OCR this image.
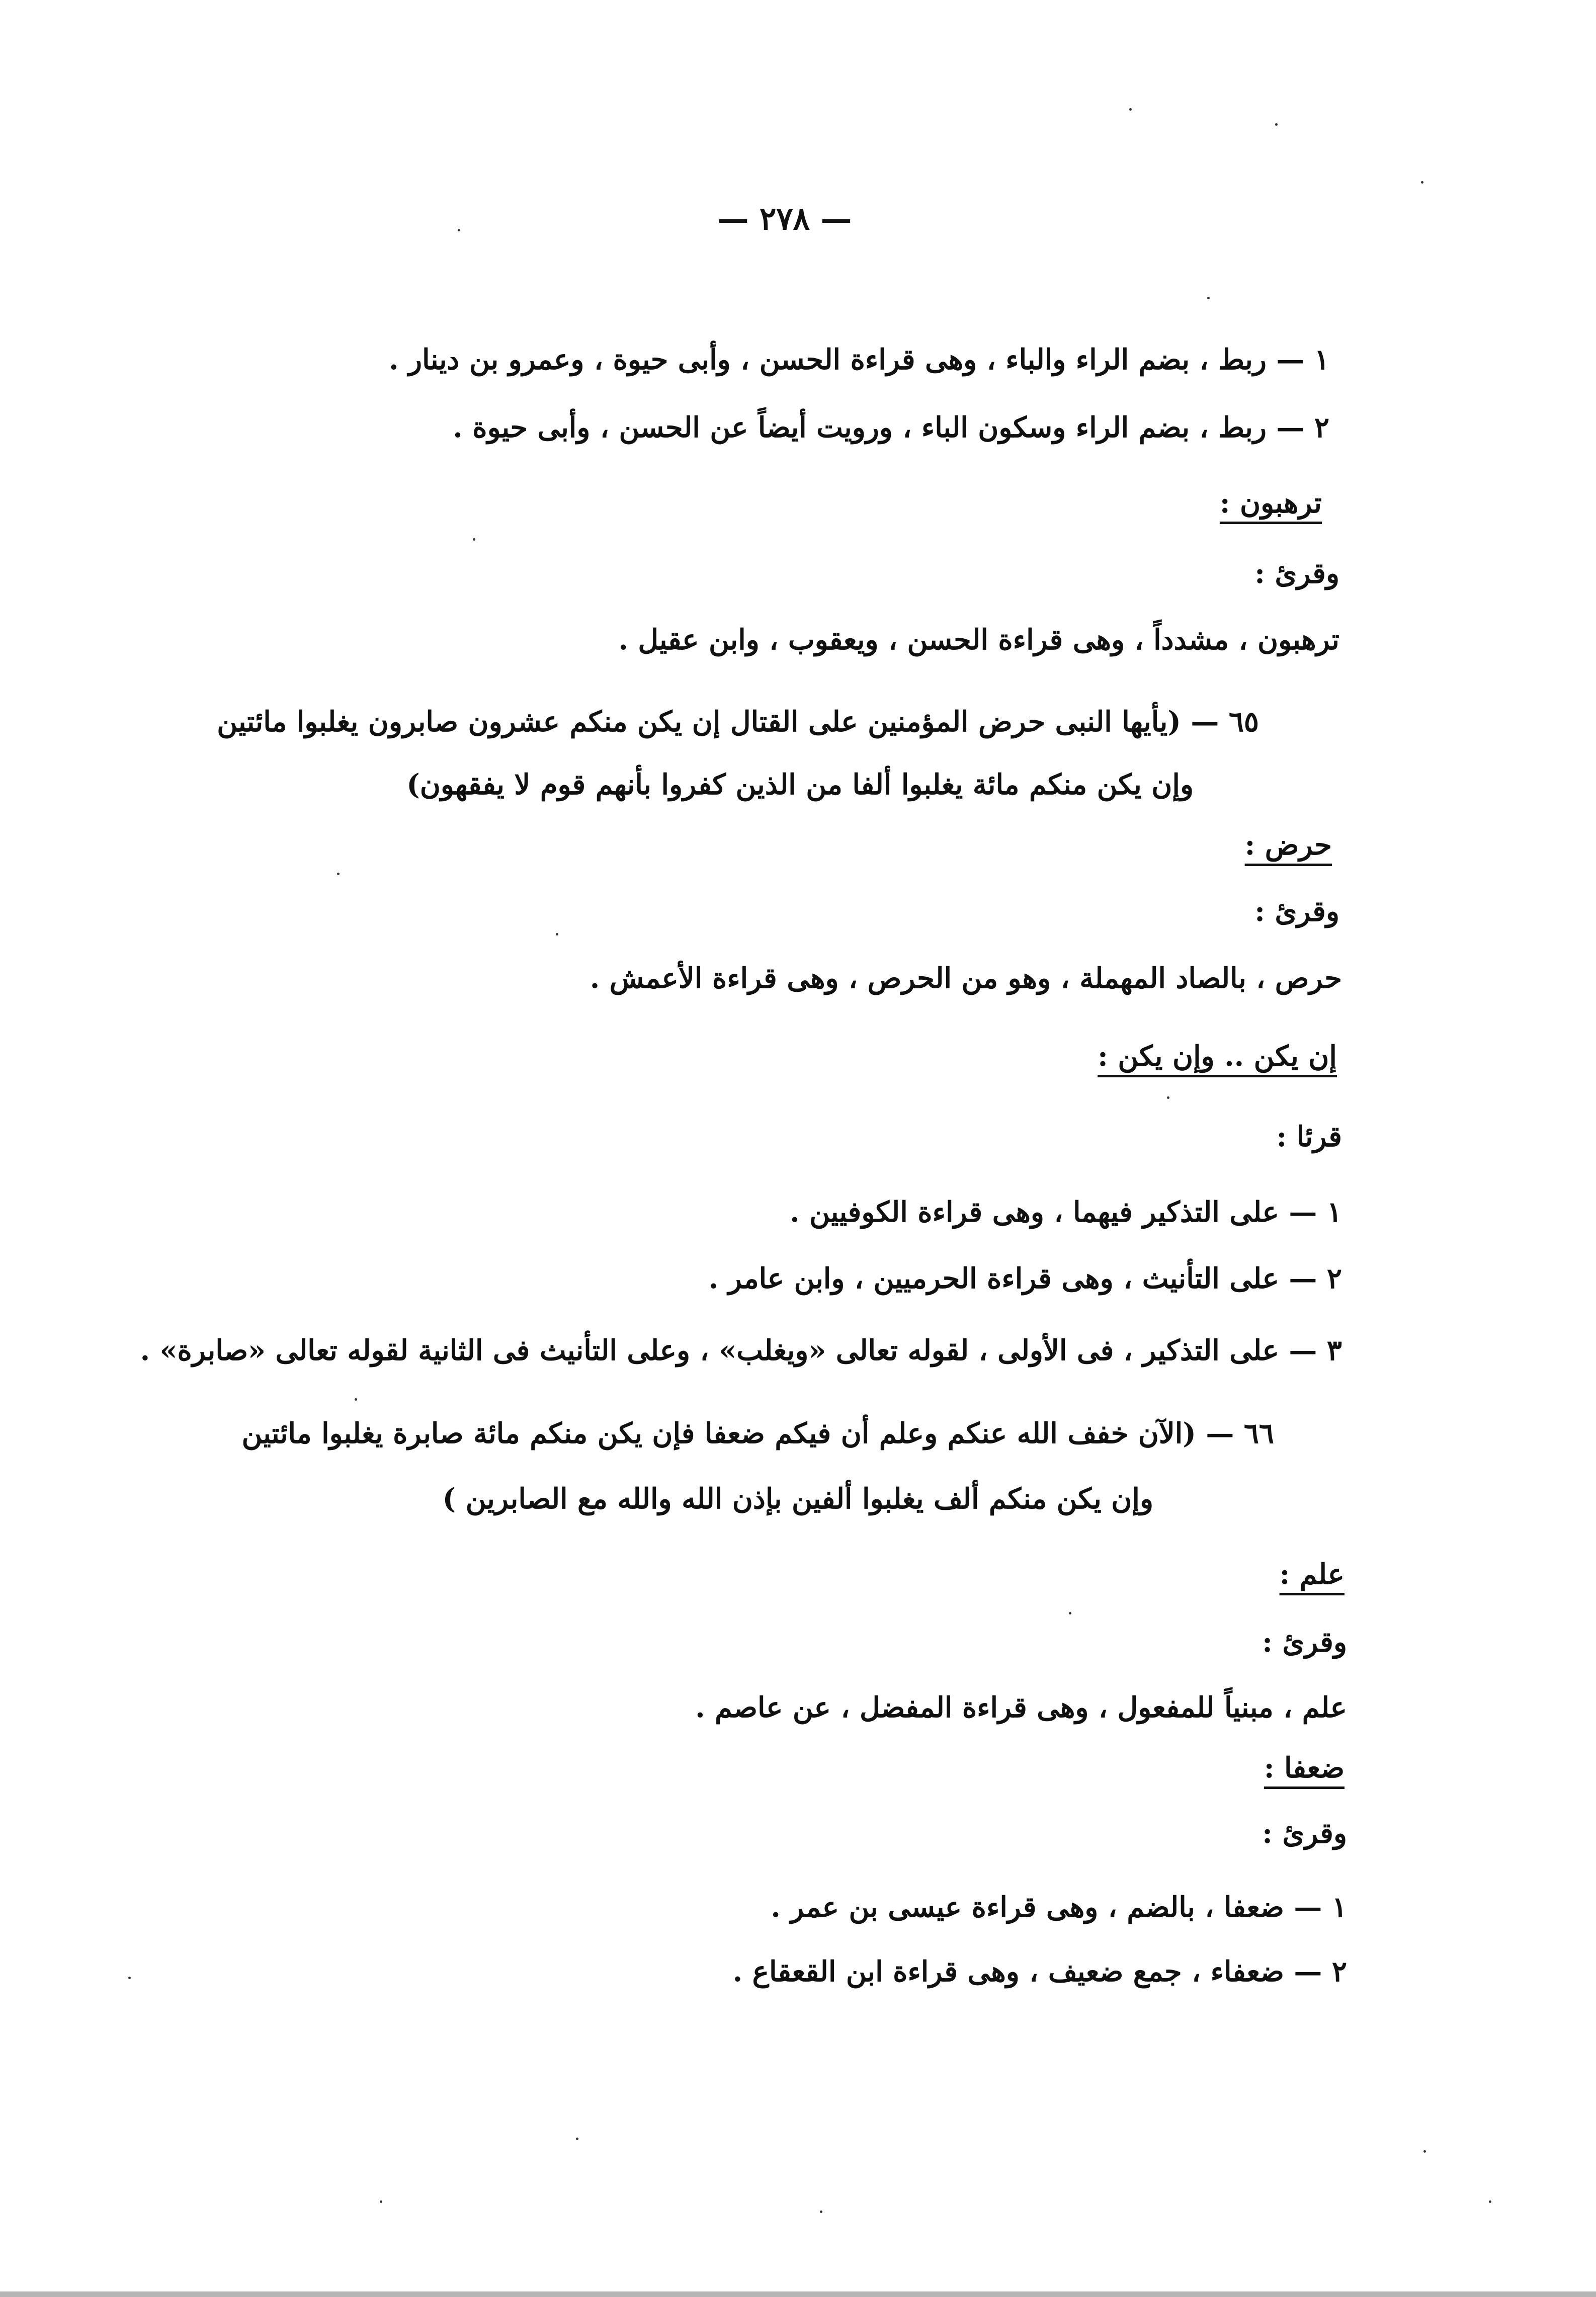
— ٢٧٨ —
١ — ربط ، بضم الراء والباء ، وهى قراءة الحسن ، وأبى حيوة ، وعمرو بن دينار .
٢ — ربط ، بضم الراء وسكون الباء ، ورويت أيضاً عن الحسن ، وأبى حيوة .
ترهبون :
وقرئ :
ترهبون ، مشدداً ، وهى قراءة الحسن ، ويعقوب ، وابن عقيل .
٦٥ — (يأيها النبى حرض المؤمنين على القتال إن يكن منكم عشرون صابرون يغلبوا مائتين
وإن يكن منكم مائة يغلبوا ألفا من الذين كفروا بأنهم قوم لا يفقهون)
حرض :
وقرئ :
حرص ، بالصاد المهملة ، وهو من الحرص ، وهى قراءة الأعمش .
إن يكن .. وإن يكن :
قرئا :
١ — على التذكير فيهما ، وهى قراءة الكوفيين .
٢ — على التأنيث ، وهى قراءة الحرميين ، وابن عامر .
٣ — على التذكير ، فى الأولى ، لقوله تعالى «ويغلب» ، وعلى التأنيث فى الثانية لقوله تعالى «صابرة» .
٦٦ — (الآن خفف الله عنكم وعلم أن فيكم ضعفا فإن يكن منكم مائة صابرة يغلبوا مائتين
وإن يكن منكم ألف يغلبوا ألفين بإذن الله والله مع الصابرين )
علم :
وقرئ :
علم ، مبنياً للمفعول ، وهى قراءة المفضل ، عن عاصم .
ضعفا :
وقرئ :
١ — ضعفا ، بالضم ، وهى قراءة عيسى بن عمر .
٢ — ضعفاء ، جمع ضعيف ، وهى قراءة ابن القعقاع .
